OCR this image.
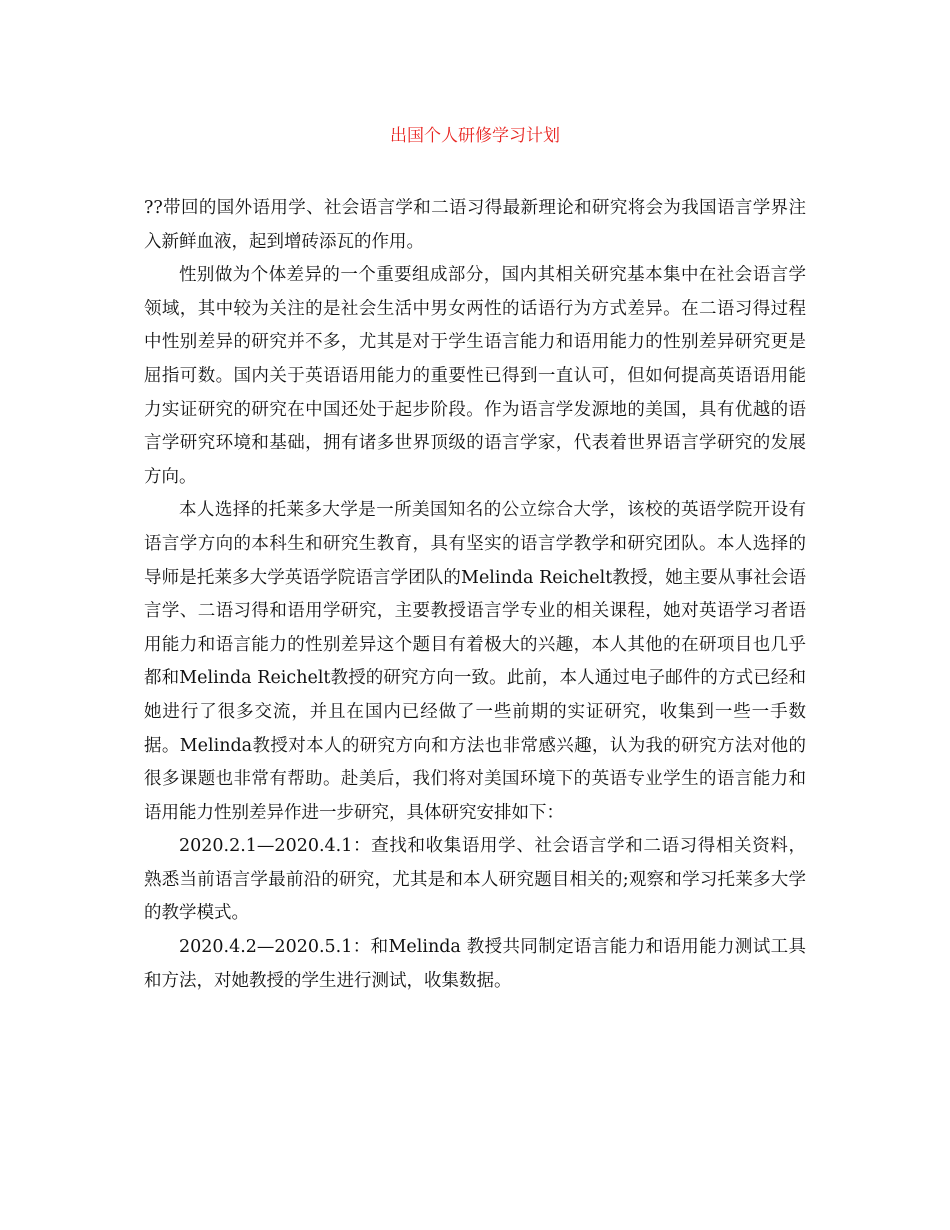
出国个人研修学习计划

??带回的国外语用学、社会语言学和二语习得最新理论和研究将会为我国语言学界注入新鲜血液，起到增砖添瓦的作用。

性别做为个体差异的一个重要组成部分，国内其相关研究基本集中在社会语言学领域，其中较为关注的是社会生活中男女两性的话语行为方式差异。在二语习得过程中性别差异的研究并不多，尤其是对于学生语言能力和语用能力的性别差异研究更是屈指可数。国内关于英语语用能力的重要性已得到一直认可，但如何提高英语语用能力实证研究的研究在中国还处于起步阶段。作为语言学发源地的美国，具有优越的语言学研究环境和基础，拥有诸多世界顶级的语言学家，代表着世界语言学研究的发展方向。

本人选择的托莱多大学是一所美国知名的公立综合大学，该校的英语学院开设有语言学方向的本科生和研究生教育，具有坚实的语言学教学和研究团队。本人选择的导师是托莱多大学英语学院语言学团队的Melinda Reichelt教授，她主要从事社会语言学、二语习得和语用学研究，主要教授语言学专业的相关课程，她对英语学习者语用能力和语言能力的性别差异这个题目有着极大的兴趣，本人其他的在研项目也几乎都和Melinda Reichelt教授的研究方向一致。此前，本人通过电子邮件的方式已经和她进行了很多交流，并且在国内已经做了一些前期的实证研究，收集到一些一手数据。Melinda教授对本人的研究方向和方法也非常感兴趣，认为我的研究方法对他的很多课题也非常有帮助。赴美后，我们将对美国环境下的英语专业学生的语言能力和语用能力性别差异作进一步研究，具体研究安排如下：

2020.2.1—2020.4.1：查找和收集语用学、社会语言学和二语习得相关资料，熟悉当前语言学最前沿的研究，尤其是和本人研究题目相关的;观察和学习托莱多大学的教学模式。

2020.4.2—2020.5.1：和Melinda 教授共同制定语言能力和语用能力测试工具和方法，对她教授的学生进行测试，收集数据。
